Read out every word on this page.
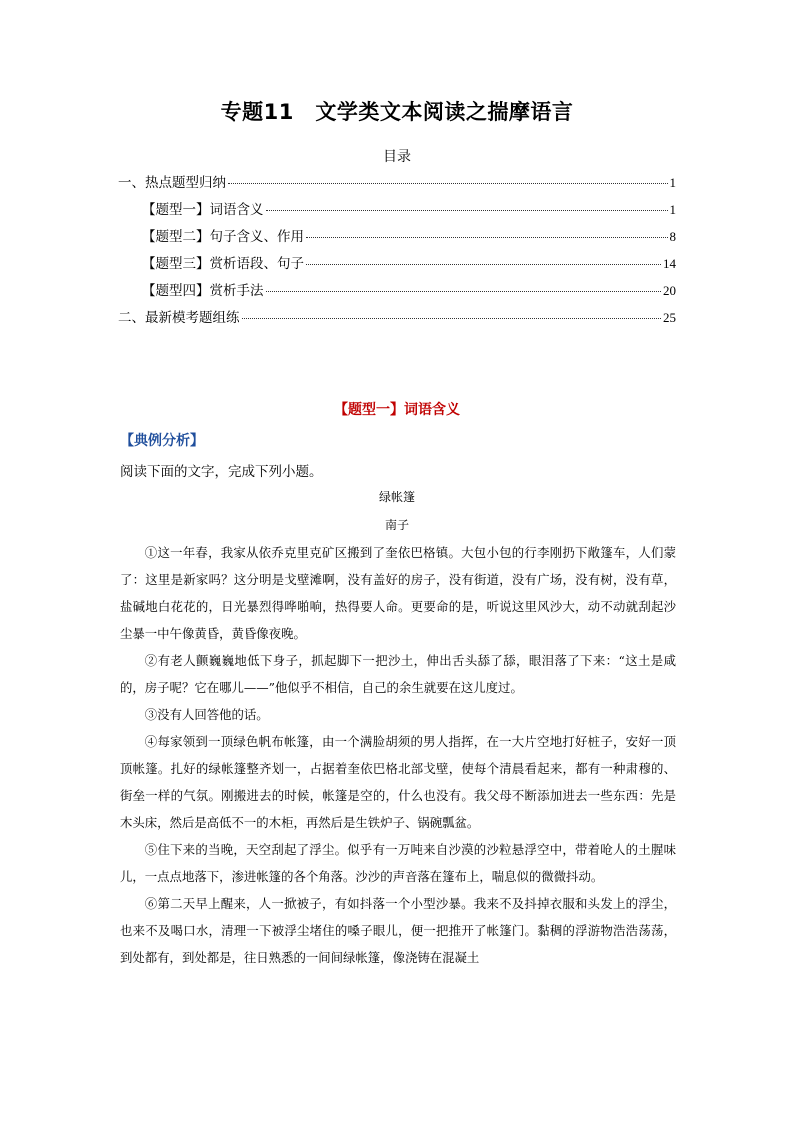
专题11　文学类文本阅读之揣摩语言
目录
一、热点题型归纳	1
【题型一】词语含义	1
【题型二】句子含义、作用	8
【题型三】赏析语段、句子	14
【题型四】赏析手法	20
二、最新模考题组练	25
【题型一】词语含义
【典例分析】
阅读下面的文字，完成下列小题。
绿帐篷
南子

①这一年春，我家从依乔克里克矿区搬到了奎依巴格镇。大包小包的行李刚扔下敞篷车，人们蒙了：这里是新家吗？这分明是戈壁滩啊，没有盖好的房子，没有街道，没有广场，没有树，没有草，盐碱地白花花的，日光暴烈得哗啪响，热得要人命。更要命的是，听说这里风沙大，动不动就刮起沙尘暴一中午像黄昏，黄昏像夜晚。

②有老人颤巍巍地低下身子，抓起脚下一把沙土，伸出舌头舔了舔，眼泪落了下来：“这土是咸的，房子呢？它在哪儿——”他似乎不相信，自己的余生就要在这儿度过。

③没有人回答他的话。

④每家领到一顶绿色帆布帐篷，由一个满脸胡须的男人指挥，在一大片空地打好桩子，安好一顶顶帐篷。扎好的绿帐篷整齐划一，占据着奎依巴格北部戈壁，使每个清晨看起来，都有一种肃穆的、街垒一样的气氛。刚搬进去的时候，帐篷是空的，什么也没有。我父母不断添加进去一些东西：先是木头床，然后是高低不一的木柜，再然后是生铁炉子、锅碗瓢盆。

⑤住下来的当晚，天空刮起了浮尘。似乎有一万吨来自沙漠的沙粒悬浮空中，带着呛人的土腥味儿，一点点地落下，渗进帐篷的各个角落。沙沙的声音落在篷布上，喘息似的微微抖动。

⑥第二天早上醒来，人一掀被子，有如抖落一个小型沙暴。我来不及抖掉衣服和头发上的浮尘，也来不及喝口水，清理一下被浮尘堵住的嗓子眼儿，便一把推开了帐篷门。黏稠的浮游物浩浩荡荡，到处都有，到处都是，往日熟悉的一间间绿帐篷，像浇铸在混凝土
